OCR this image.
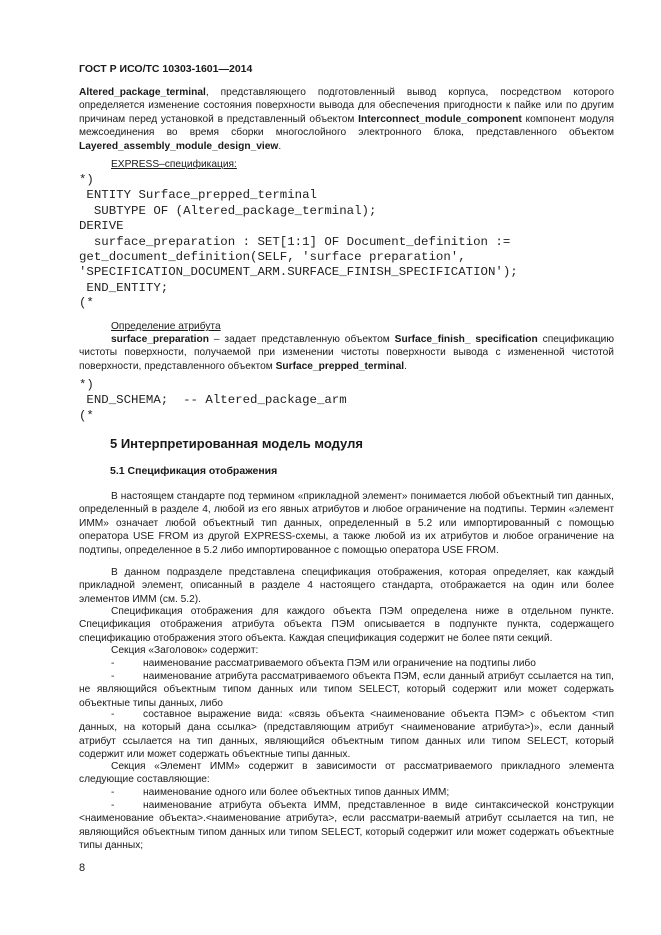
ГОСТ Р ИСО/ТС 10303-1601—2014
Altered_package_terminal, представляющего подготовленный вывод корпуса, посредством которого определяется изменение состояния поверхности вывода для обеспечения пригодности к пайке или по другим причинам перед установкой в представленный объектом Interconnect_module_component компонент модуля межсоединения во время сборки многослойного электронного блока, представленного объектом Layered_assembly_module_design_view.
EXPRESS–спецификация:
*)
ENTITY Surface_prepped_terminal
SUBTYPE OF (Altered_package_terminal);
DERIVE
surface_preparation : SET[1:1] OF Document_definition :=
get_document_definition(SELF, 'surface preparation',
'SPECIFICATION_DOCUMENT_ARM.SURFACE_FINISH_SPECIFICATION');
END_ENTITY;
(*
Определение атрибута
surface_preparation – задает представленную объектом Surface_finish_ specification спецификацию чистоты поверхности, получаемой при изменении чистоты поверхности вывода с измененной чистотой поверхности, представленного объектом Surface_prepped_terminal.
*)
END_SCHEMA;  -- Altered_package_arm
(*
5 Интерпретированная модель модуля
5.1 Спецификация отображения
В настоящем стандарте под термином «прикладной элемент» понимается любой объектный тип данных, определенный в разделе 4, любой из его явных атрибутов и любое ограничение на подтипы. Термин «элемент ИММ» означает любой объектный тип данных, определенный в 5.2 или импортированный с помощью оператора USE FROM из другой EXPRESS-схемы, а также любой из их атрибутов и любое ограничение на подтипы, определенное в 5.2 либо импортированное с помощью оператора USE FROM.
В данном подразделе представлена спецификация отображения, которая определяет, как каждый прикладной элемент, описанный в разделе 4 настоящего стандарта, отображается на один или более элементов ИММ (см. 5.2).
Спецификация отображения для каждого объекта ПЭМ определена ниже в отдельном пункте. Спецификация отображения атрибута объекта ПЭМ описывается в подпункте пункта, содержащего спецификацию отображения этого объекта. Каждая спецификация содержит не более пяти секций.
Секция «Заголовок» содержит:
-	наименование рассматриваемого объекта ПЭМ или ограничение на подтипы либо
-	наименование атрибута рассматриваемого объекта ПЭМ, если данный атрибут ссылается на тип, не являющийся объектным типом данных или типом SELECT, который содержит или может содержать объектные типы данных, либо
-	составное выражение вида: «связь объекта <наименование объекта ПЭМ> с объектом <тип данных, на который дана ссылка> (представляющим атрибут <наименование атрибута>)», если данный атрибут ссылается на тип данных, являющийся объектным типом данных или типом SELECT, который содержит или может содержать объектные типы данных.
Секция «Элемент ИММ» содержит в зависимости от рассматриваемого прикладного элемента следующие составляющие:
-	наименование одного или более объектных типов данных ИММ;
-	наименование атрибута объекта ИММ, представленное в виде синтаксической конструкции <наименование объекта>.<наименование атрибута>, если рассматри-ваемый атрибут ссылается на тип, не являющийся объектным типом данных или типом SELECT, который содержит или может содержать объектные типы данных;
8
